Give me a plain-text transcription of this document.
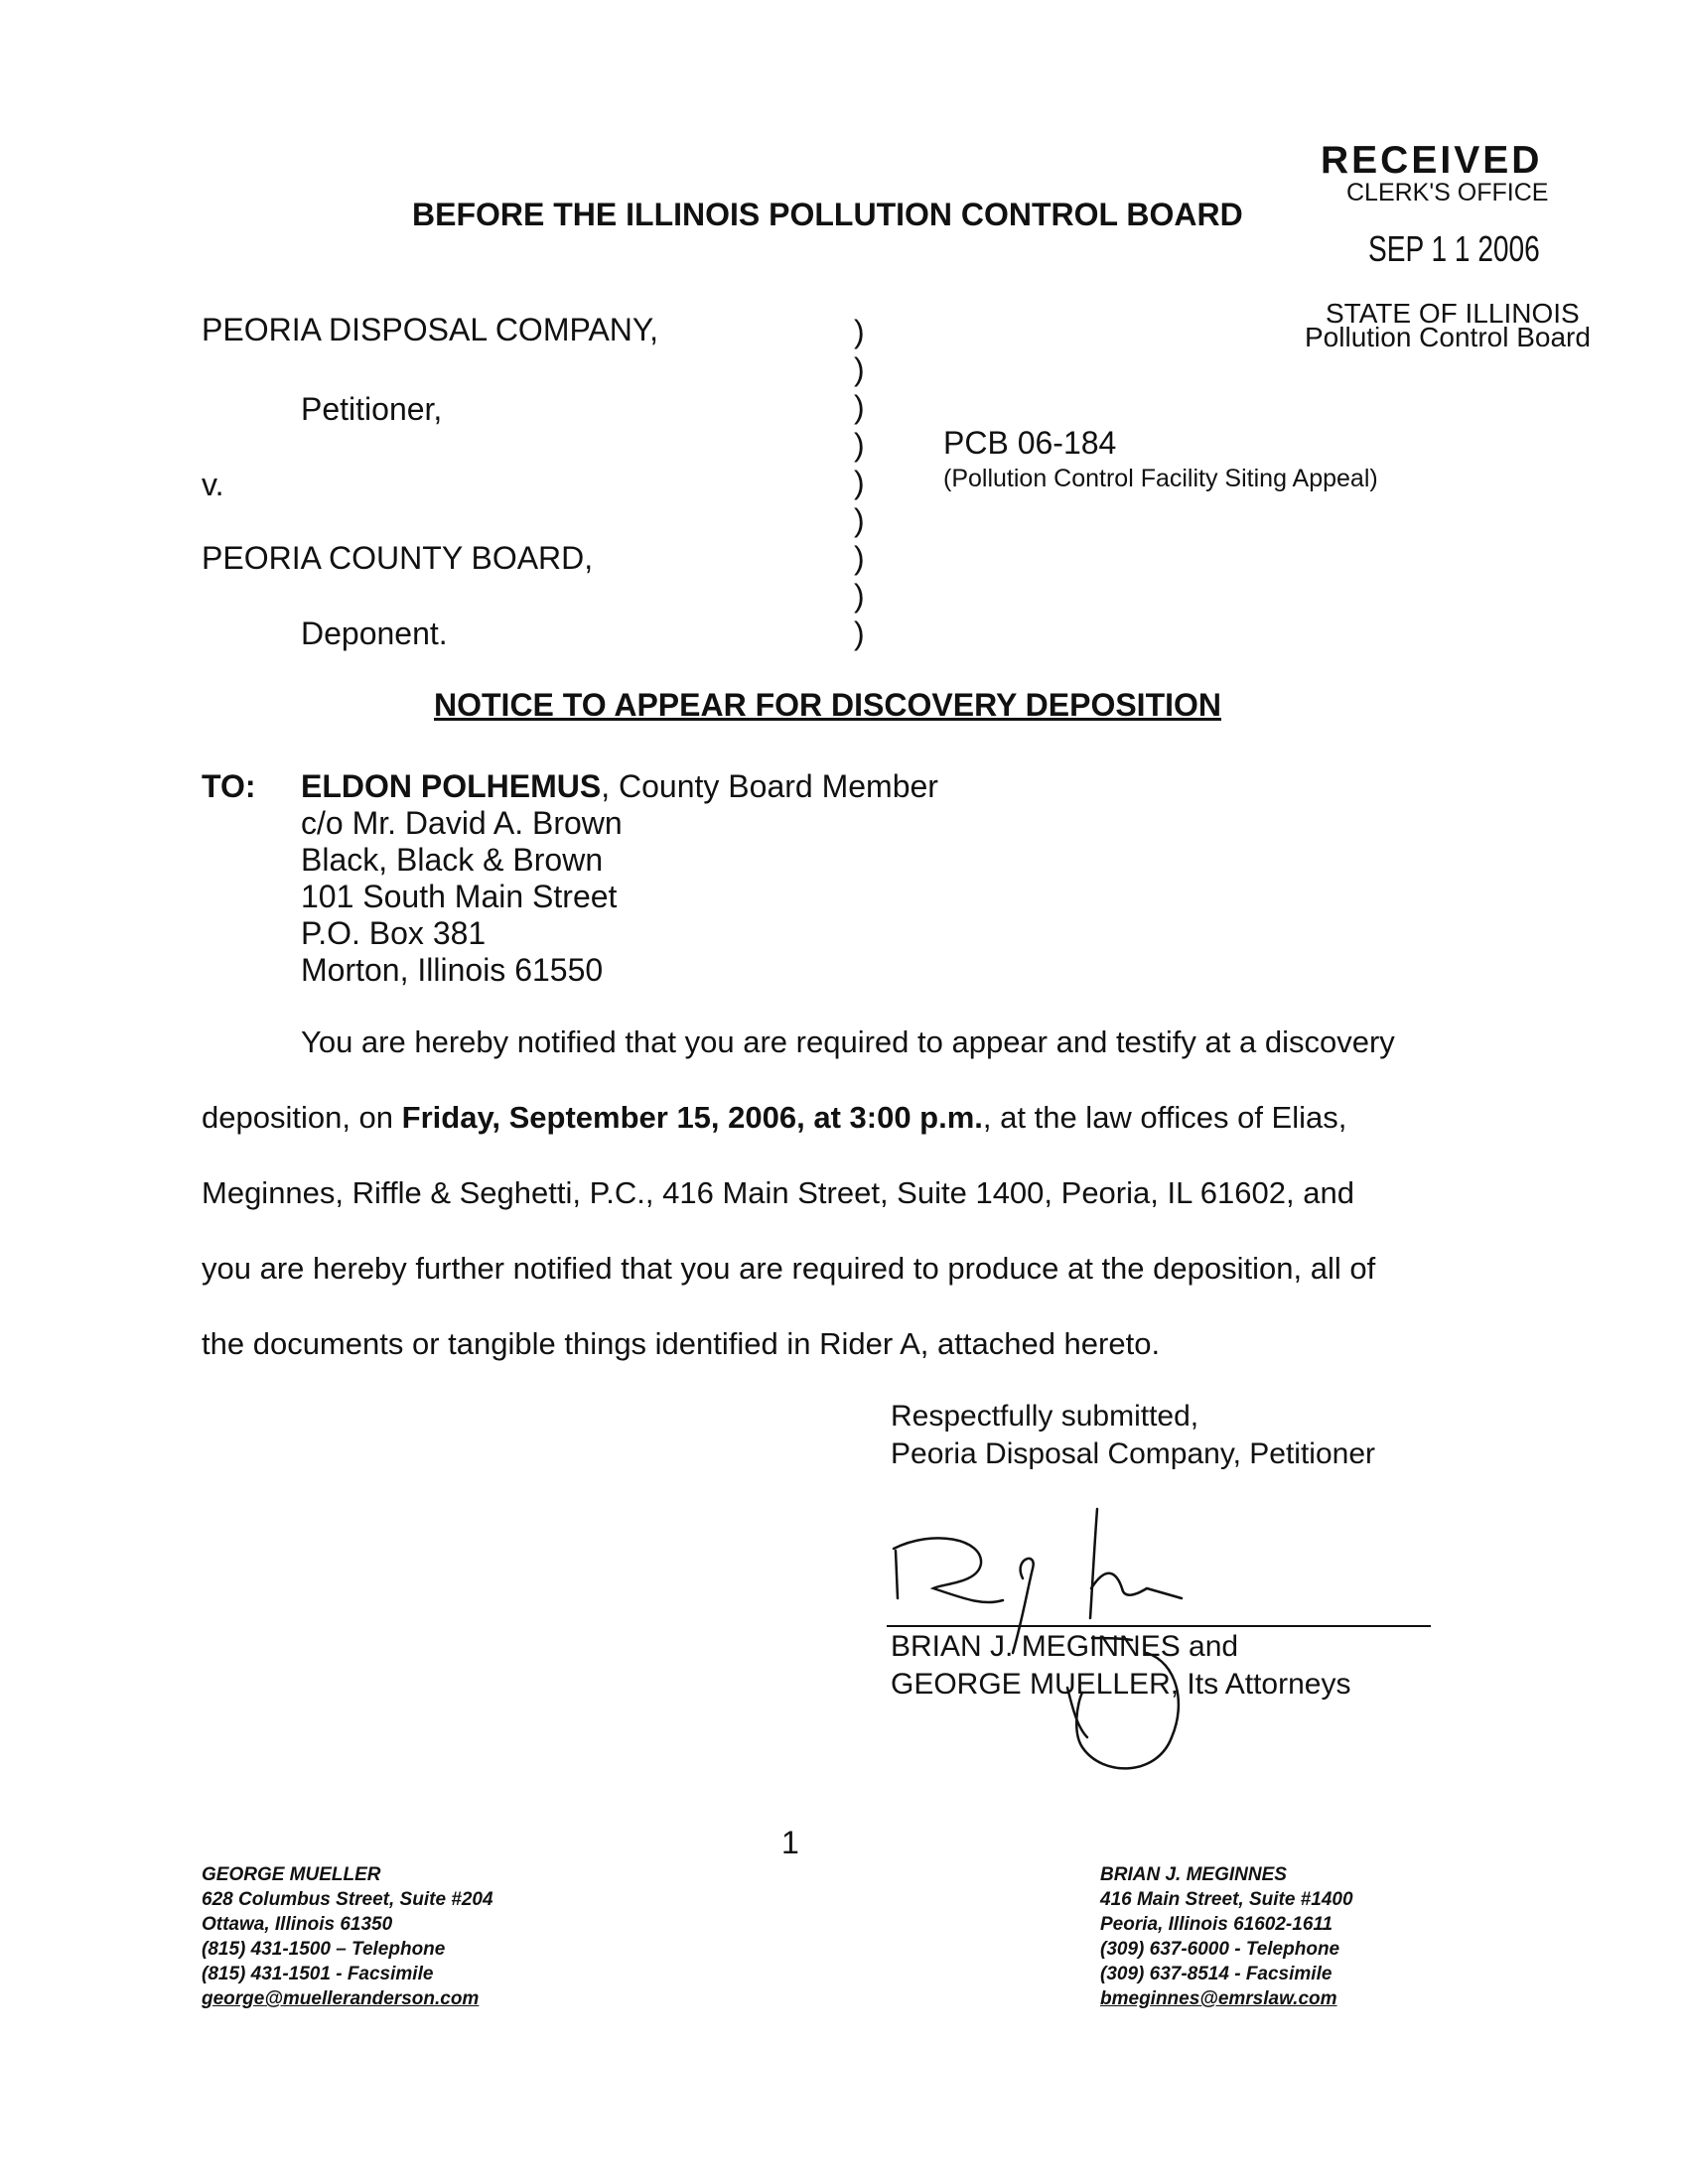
RECEIVED
CLERK'S OFFICE
SEP 1 1 2006
STATE OF ILLINOIS
Pollution Control Board
BEFORE THE ILLINOIS POLLUTION CONTROL BOARD
PEORIA DISPOSAL COMPANY,
Petitioner,
v.
PEORIA COUNTY BOARD,
Deponent.
)
)
)
)
)
)
)
)
)
PCB 06-184
(Pollution Control Facility Siting Appeal)
NOTICE TO APPEAR FOR DISCOVERY DEPOSITION
TO: ELDON POLHEMUS, County Board Member
c/o Mr. David A. Brown
Black, Black & Brown
101 South Main Street
P.O. Box 381
Morton, Illinois 61550
You are hereby notified that you are required to appear and testify at a discovery
deposition, on Friday, September 15, 2006, at 3:00 p.m., at the law offices of Elias,
Meginnes, Riffle & Seghetti, P.C., 416 Main Street, Suite 1400, Peoria, IL 61602, and
you are hereby further notified that you are required to produce at the deposition, all of
the documents or tangible things identified in Rider A, attached hereto.
Respectfully submitted,
Peoria Disposal Company, Petitioner
BRIAN J. MEGINNES and
GEORGE MUELLER, Its Attorneys
1
GEORGE MUELLER
628 Columbus Street, Suite #204
Ottawa, Illinois 61350
(815) 431-1500 – Telephone
(815) 431-1501 - Facsimile
george@muelleranderson.com
BRIAN J. MEGINNES
416 Main Street, Suite #1400
Peoria, Illinois 61602-1611
(309) 637-6000 - Telephone
(309) 637-8514 - Facsimile
bmeginnes@emrslaw.com
